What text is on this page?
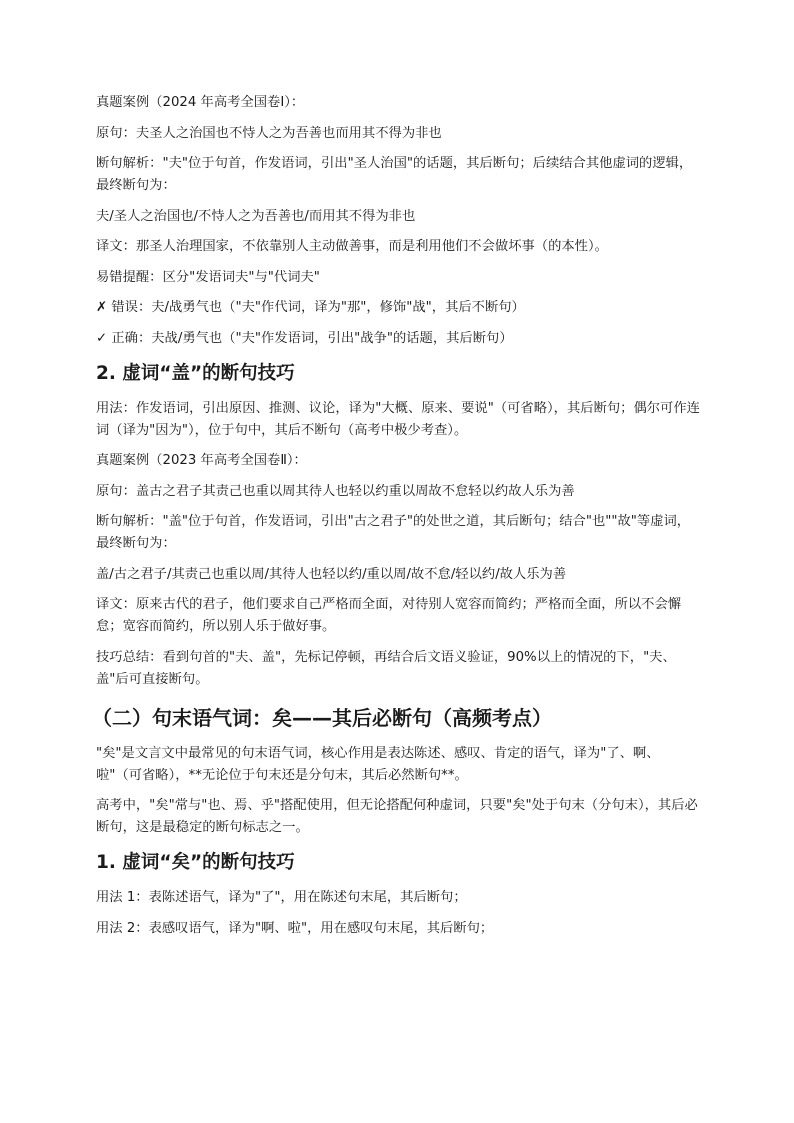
真题案例（2024 年高考全国卷Ⅰ）：

原句：夫圣人之治国也不恃人之为吾善也而用其不得为非也

断句解析："夫"位于句首，作发语词，引出"圣人治国"的话题，其后断句；后续结合其他虚词的逻辑，最终断句为：

夫/圣人之治国也/不恃人之为吾善也/而用其不得为非也

译文：那圣人治理国家，不依靠别人主动做善事，而是利用他们不会做坏事（的本性）。

易错提醒：区分"发语词夫"与"代词夫"

✗ 错误：夫/战勇气也（"夫"作代词，译为"那"，修饰"战"，其后不断句）

✓ 正确：夫战/勇气也（"夫"作发语词，引出"战争"的话题，其后断句）

2. 虚词“盖”的断句技巧

用法：作发语词，引出原因、推测、议论，译为"大概、原来、要说"（可省略），其后断句；偶尔可作连词（译为"因为"），位于句中，其后不断句（高考中极少考查）。

真题案例（2023 年高考全国卷Ⅱ）：

原句：盖古之君子其责己也重以周其待人也轻以约重以周故不怠轻以约故人乐为善

断句解析："盖"位于句首，作发语词，引出"古之君子"的处世之道，其后断句；结合"也""故"等虚词，最终断句为：

盖/古之君子/其责己也重以周/其待人也轻以约/重以周/故不怠/轻以约/故人乐为善

译文：原来古代的君子，他们要求自己严格而全面，对待别人宽容而简约；严格而全面，所以不会懈怠；宽容而简约，所以别人乐于做好事。

技巧总结：看到句首的"夫、盖"，先标记停顿，再结合后文语义验证，90%以上的情况的下，"夫、盖"后可直接断句。

（二）句末语气词：矣——其后必断句（高频考点）

"矣"是文言文中最常见的句末语气词，核心作用是表达陈述、感叹、肯定的语气，译为"了、啊、啦"（可省略），**无论位于句末还是分句末，其后必然断句**。

高考中，"矣"常与"也、焉、乎"搭配使用，但无论搭配何种虚词，只要"矣"处于句末（分句末），其后必断句，这是最稳定的断句标志之一。

1. 虚词“矣”的断句技巧

用法 1：表陈述语气，译为"了"，用在陈述句末尾，其后断句；

用法 2：表感叹语气，译为"啊、啦"，用在感叹句末尾，其后断句；
